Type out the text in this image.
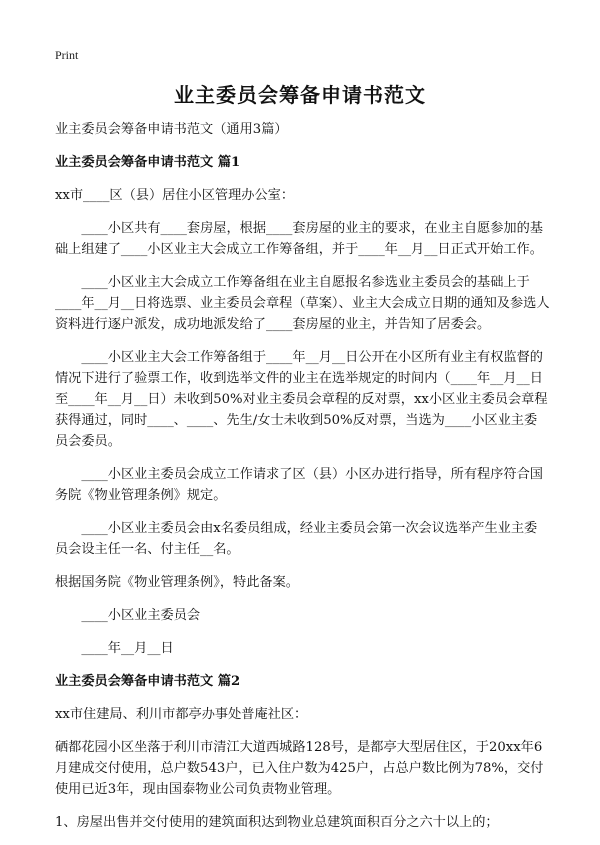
Print
业主委员会筹备申请书范文

业主委员会筹备申请书范文（通用3篇）

业主委员会筹备申请书范文 篇1

xx市____区（县）居住小区管理办公室：

____小区共有____套房屋，根据____套房屋的业主的要求，在业主自愿参加的基础上组建了____小区业主大会成立工作筹备组，并于____年__月__日正式开始工作。

____小区业主大会成立工作筹备组在业主自愿报名参选业主委员会的基础上于____年__月__日将选票、业主委员会章程（草案）、业主大会成立日期的通知及参选人资料进行逐户派发，成功地派发给了____套房屋的业主，并告知了居委会。

____小区业主大会工作筹备组于____年__月__日公开在小区所有业主有权监督的情况下进行了验票工作，收到选举文件的业主在选举规定的时间内（____年__月__日至____年__月__日）未收到50%对业主委员会章程的反对票，xx小区业主委员会章程获得通过，同时____、____、先生/女士未收到50%反对票，当选为____小区业主委员会委员。

____小区业主委员会成立工作请求了区（县）小区办进行指导，所有程序符合国务院《物业管理条例》规定。

____小区业主委员会由x名委员组成，经业主委员会第一次会议选举产生业主委员会设主任一名、付主任__名。

根据国务院《物业管理条例》，特此备案。

____小区业主委员会

____年__月__日

业主委员会筹备申请书范文 篇2

xx市住建局、利川市都亭办事处普庵社区：

硒都花园小区坐落于利川市清江大道西城路128号，是都亭大型居住区，于20xx年6月建成交付使用，总户数543户，已入住户数为425户，占总户数比例为78%，交付使用已近3年，现由国泰物业公司负责物业管理。

1、房屋出售并交付使用的建筑面积达到物业总建筑面积百分之六十以上的；
